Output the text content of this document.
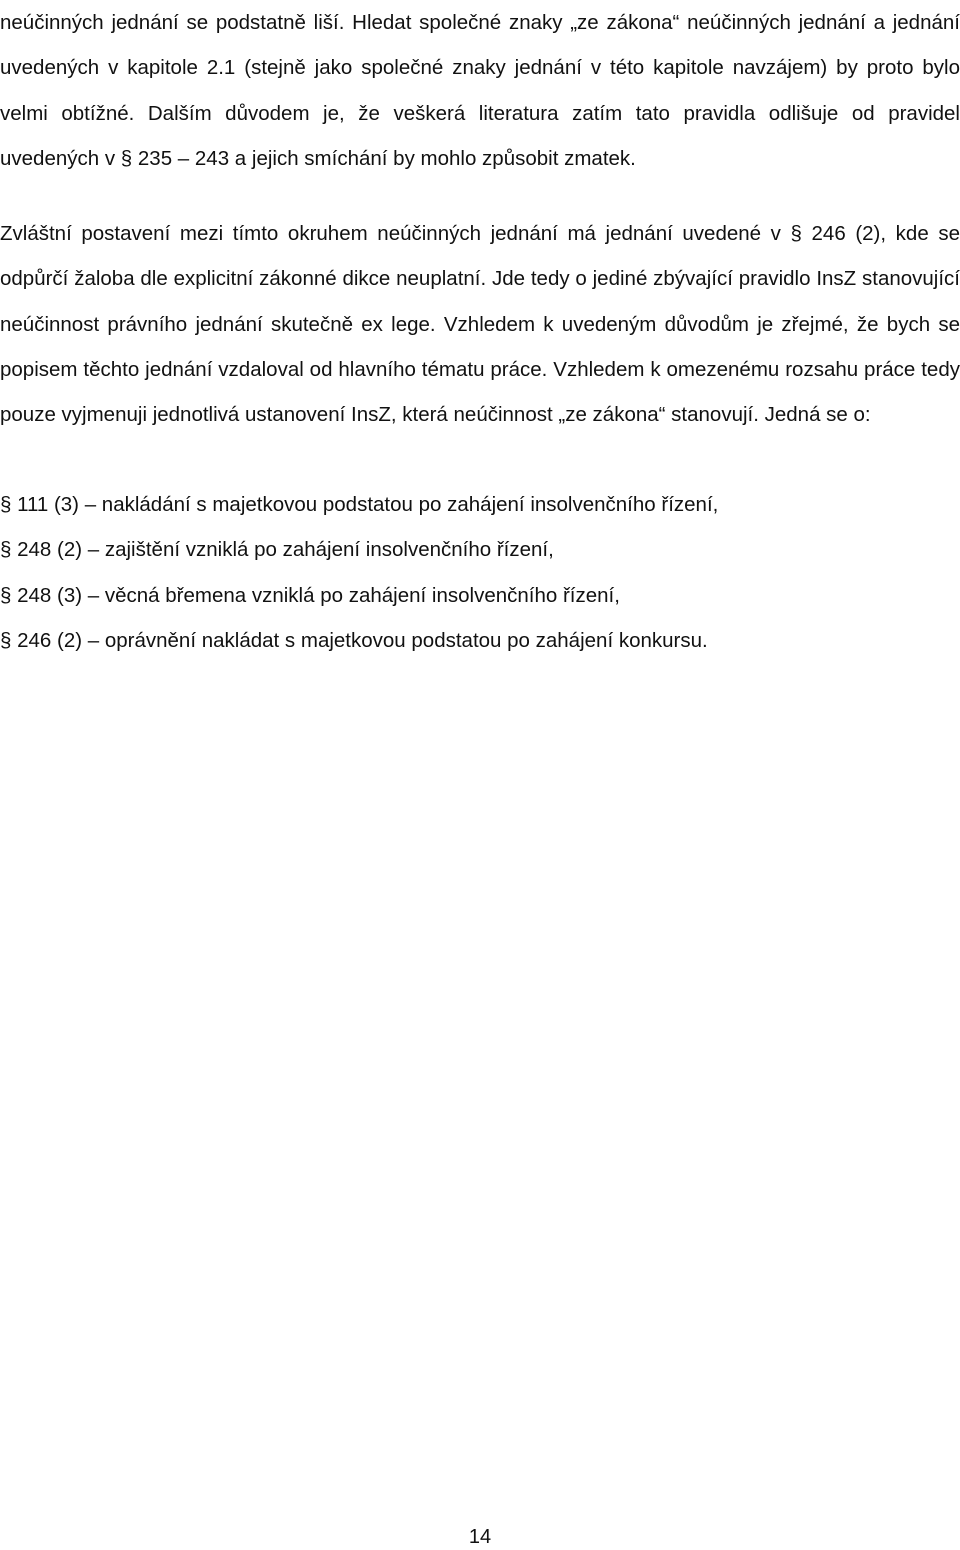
neúčinných jednání se podstatně liší. Hledat společné znaky „ze zákona“ neúčinných jednání a jednání uvedených v kapitole 2.1 (stejně jako společné znaky jednání v této kapitole navzájem) by proto bylo velmi obtížné. Dalším důvodem je, že veškerá literatura zatím tato pravidla odlišuje od pravidel uvedených v § 235 – 243 a jejich smíchání by mohlo způsobit zmatek.

Zvláštní postavení mezi tímto okruhem neúčinných jednání má jednání uvedené v § 246 (2), kde se odpůrčí žaloba dle explicitní zákonné dikce neuplatní. Jde tedy o jediné zbývající pravidlo InsZ stanovující neúčinnost právního jednání skutečně ex lege. Vzhledem k uvedeným důvodům je zřejmé, že bych se popisem těchto jednání vzdaloval od hlavního tématu práce. Vzhledem k omezenému rozsahu práce tedy pouze vyjmenuji jednotlivá ustanovení InsZ, která neúčinnost „ze zákona“ stanovují. Jedná se o:

§ 111 (3) – nakládání s majetkovou podstatou po zahájení insolvenčního řízení,
§ 248 (2) – zajištění vzniklá po zahájení insolvenčního řízení,
§ 248 (3) – věcná břemena vzniklá po zahájení insolvenčního řízení,
§ 246 (2) – oprávnění nakládat s majetkovou podstatou po zahájení konkursu.
14
